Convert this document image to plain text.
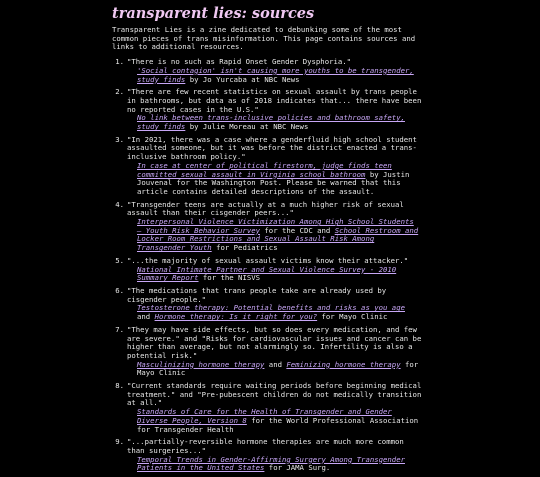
transparent lies: sources

Transparent Lies is a zine dedicated to debunking some of the most common pieces of trans misinformation. This page contains sources and links to additional resources.

1. "There is no such as Rapid Onset Gender Dysphoria."
'Social contagion' isn't causing more youths to be transgender, study finds by Jo Yurcaba at NBC News
2. "There are few recent statistics on sexual assault by trans people in bathrooms, but data as of 2018 indicates that... there have been no reported cases in the U.S."
No link between trans-inclusive policies and bathroom safety, study finds by Julie Moreau at NBC News
3. "In 2021, there was a case where a genderfluid high school student assaulted someone, but it was before the district enacted a trans-inclusive bathroom policy."
In case at center of political firestorm, judge finds teen committed sexual assault in Virginia school bathroom by Justin Jouvenal for the Washington Post. Please be warned that this article contains detailed descriptions of the assault.
4. "Transgender teens are actually at a much higher risk of sexual assault than their cisgender peers..."
Interpersonal Violence Victimization Among High School Students — Youth Risk Behavior Survey for the CDC and School Restroom and Locker Room Restrictions and Sexual Assault Risk Among Transgender Youth for Pediatrics
5. "...the majority of sexual assault victims know their attacker."
National Intimate Partner and Sexual Violence Survey - 2010 Summary Report for the NISVS
6. "The medications that trans people take are already used by cisgender people."
Testosterone therapy: Potential benefits and risks as you age and Hormone therapy: Is it right for you? for Mayo Clinic
7. "They may have side effects, but so does every medication, and few are severe." and "Risks for cardiovascular issues and cancer can be higher than average, but not alarmingly so. Infertility is also a potential risk."
Masculinizing hormone therapy and Feminizing hormone therapy for Mayo Clinic
8. "Current standards require waiting periods before beginning medical treatment." and "Pre-pubescent children do not medically transition at all."
Standards of Care for the Health of Transgender and Gender Diverse People, Version 8 for the World Professional Association for Transgender Health
9. "...partially-reversible hormone therapies are much more common than surgeries..."
Temporal Trends in Gender-Affirming Surgery Among Transgender Patients in the United States for JAMA Surg.
